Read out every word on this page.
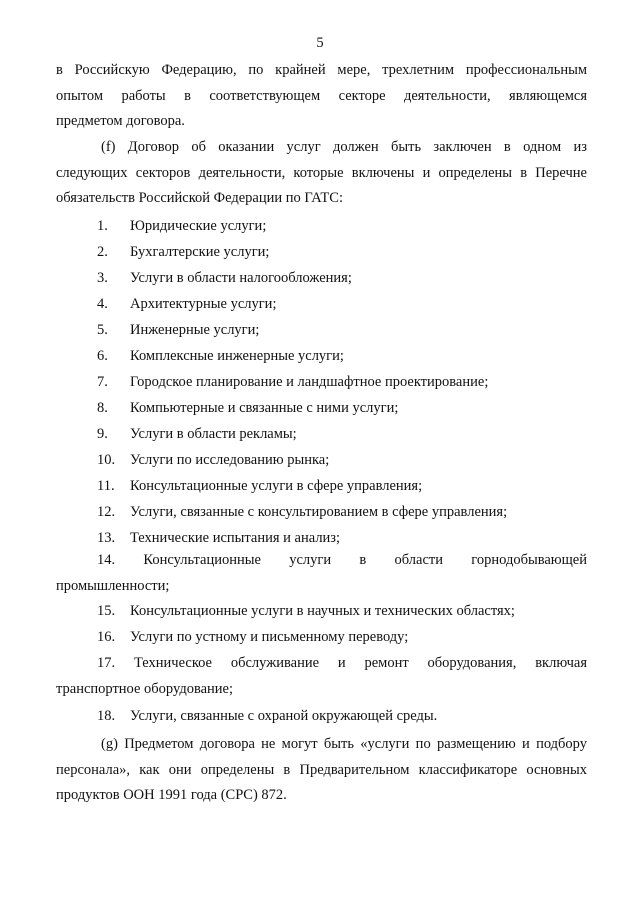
5
в Российскую Федерацию, по крайней мере, трехлетним профессиональным
опытом работы в соответствующем секторе деятельности, являющемся
предметом договора.
(f) Договор об оказании услуг должен быть заключен в одном из
следующих секторов деятельности, которые включены и определены в Перечне
обязательств Российской Федерации по ГАТС:
1.	Юридические услуги;
2.	Бухгалтерские услуги;
3.	Услуги в области налогообложения;
4.	Архитектурные услуги;
5.	Инженерные услуги;
6.	Комплексные инженерные услуги;
7.	Городское планирование и ландшафтное проектирование;
8.	Компьютерные и связанные с ними услуги;
9.	Услуги в области рекламы;
10.	Услуги по исследованию рынка;
11.	Консультационные услуги в сфере управления;
12.	Услуги, связанные с консультированием в сфере управления;
13.	Технические испытания и анализ;
14. Консультационные услуги в области горнодобывающей
промышленности;
15.	Консультационные услуги в научных и технических областях;
16.	Услуги по устному и письменному переводу;
17. Техническое обслуживание и ремонт оборудования, включая
транспортное оборудование;
18.	Услуги, связанные с охраной окружающей среды.
(g) Предметом договора не могут быть «услуги по размещению и подбору
персонала», как они определены в Предварительном классификаторе основных
продуктов ООН 1991 года (CPC) 872.
